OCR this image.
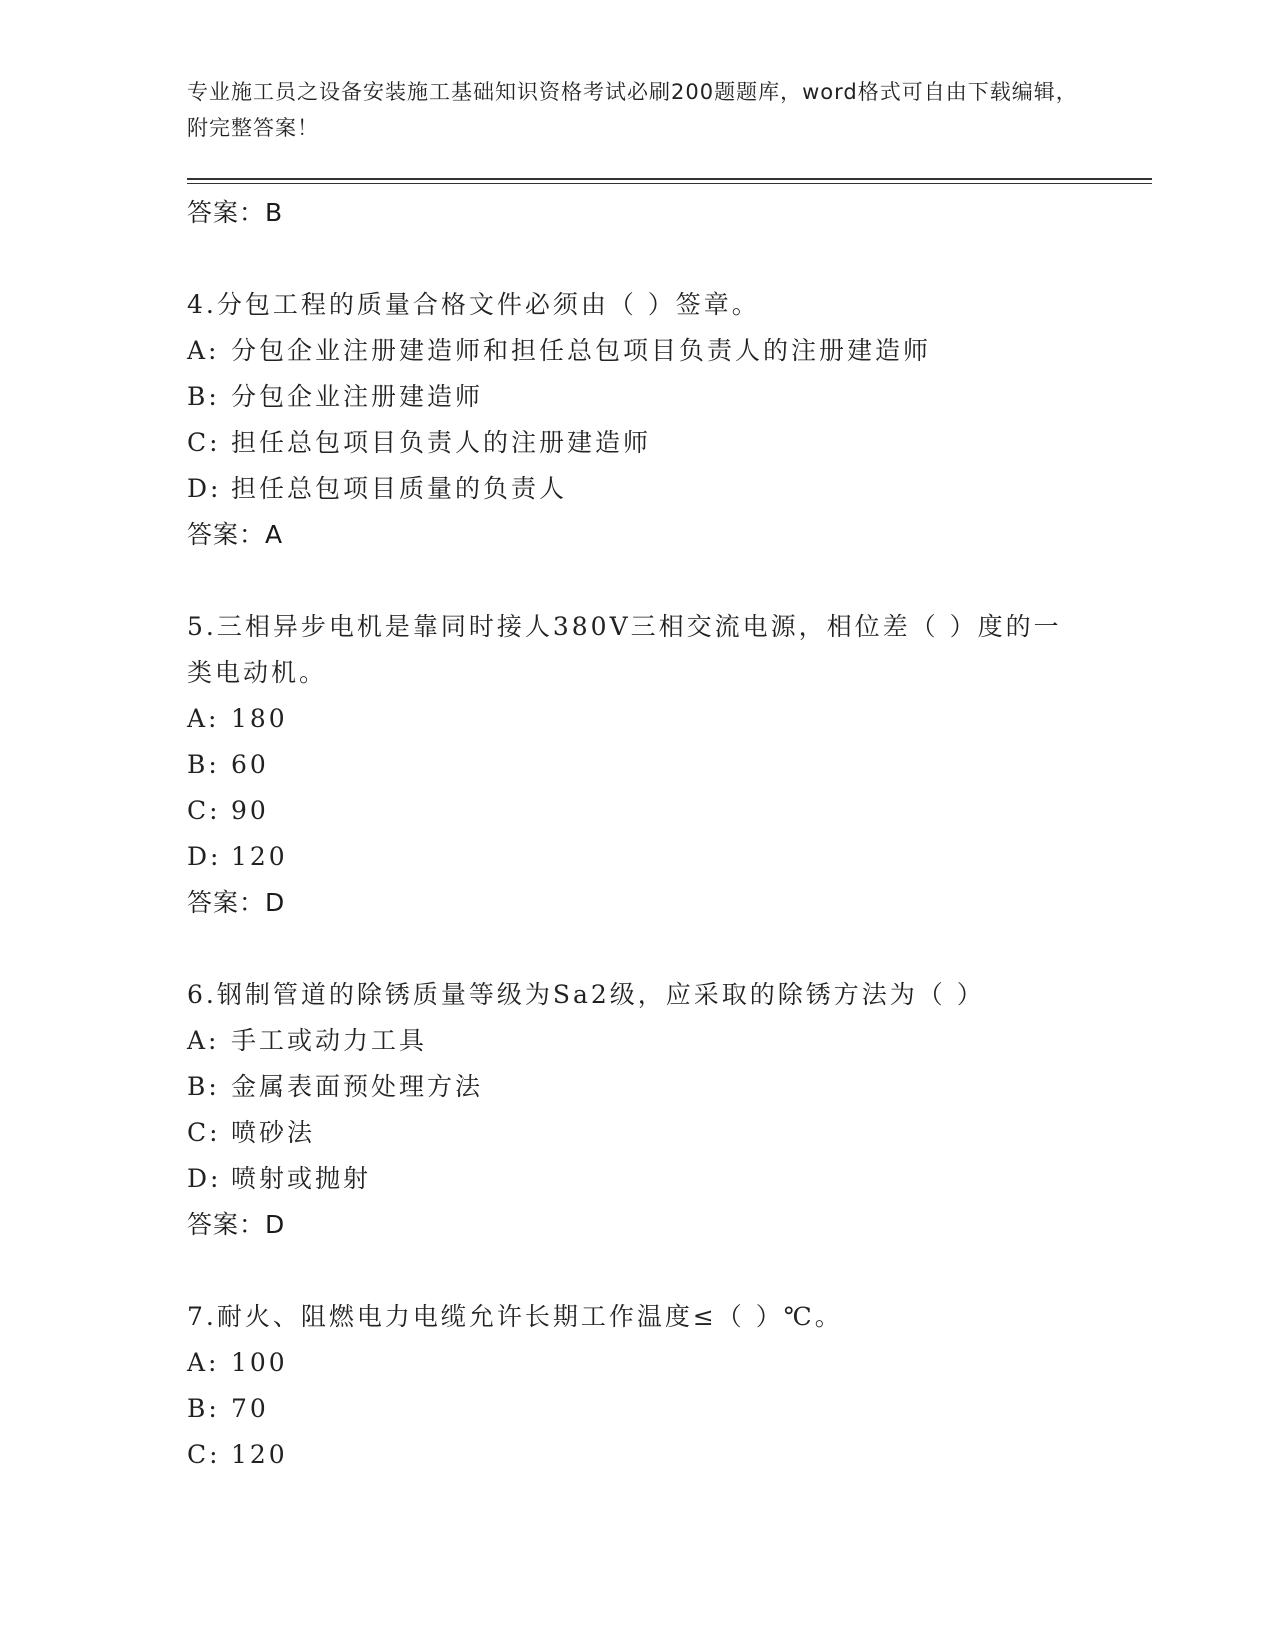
专业施工员之设备安装施工基础知识资格考试必刷200题题库，word格式可自由下载编辑，附完整答案！
答案：B
4.分包工程的质量合格文件必须由（ ）签章。
A: 分包企业注册建造师和担任总包项目负责人的注册建造师
B: 分包企业注册建造师
C: 担任总包项目负责人的注册建造师
D: 担任总包项目质量的负责人
答案：A
5.三相异步电机是靠同时接人380V三相交流电源，相位差（ ）度的一类电动机。
A: 180
B: 60
C: 90
D: 120
答案：D
6.钢制管道的除锈质量等级为Sa2级，应采取的除锈方法为（ ）
A: 手工或动力工具
B: 金属表面预处理方法
C: 喷砂法
D: 喷射或抛射
答案：D
7.耐火、阻燃电力电缆允许长期工作温度≤（ ）℃。
A: 100
B: 70
C: 120
